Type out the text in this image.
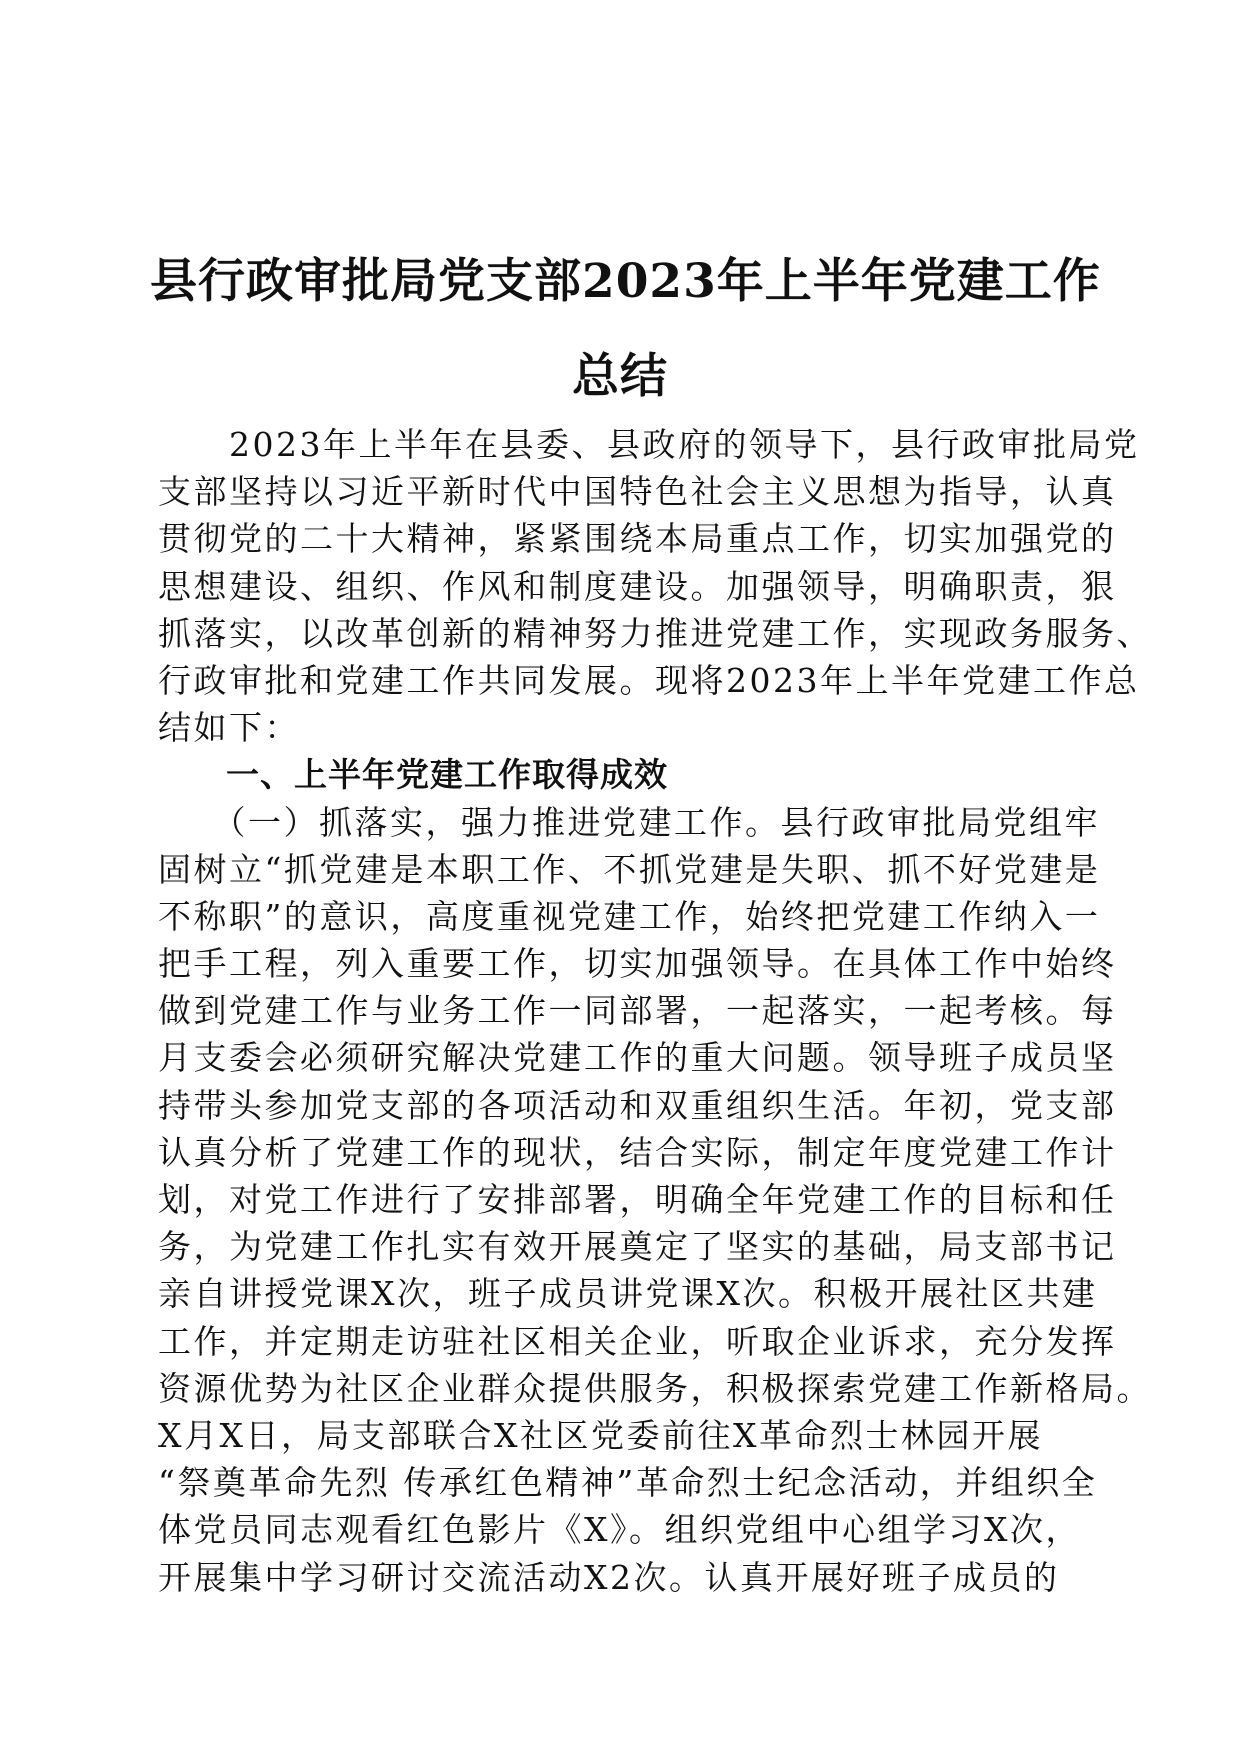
县行政审批局党支部2023年上半年党建工作
总结
　　2023年上半年在县委、县政府的领导下，县行政审批局党
支部坚持以习近平新时代中国特色社会主义思想为指导，认真
贯彻党的二十大精神，紧紧围绕本局重点工作，切实加强党的
思想建设、组织、作风和制度建设。加强领导，明确职责，狠
抓落实，以改革创新的精神努力推进党建工作，实现政务服务、
行政审批和党建工作共同发展。现将2023年上半年党建工作总
结如下：
　　一、上半年党建工作取得成效
　　（一）抓落实，强力推进党建工作。县行政审批局党组牢
固树立“抓党建是本职工作、不抓党建是失职、抓不好党建是
不称职”的意识，高度重视党建工作，始终把党建工作纳入一
把手工程，列入重要工作，切实加强领导。在具体工作中始终
做到党建工作与业务工作一同部署，一起落实，一起考核。每
月支委会必须研究解决党建工作的重大问题。领导班子成员坚
持带头参加党支部的各项活动和双重组织生活。年初，党支部
认真分析了党建工作的现状，结合实际，制定年度党建工作计
划，对党工作进行了安排部署，明确全年党建工作的目标和任
务，为党建工作扎实有效开展奠定了坚实的基础，局支部书记
亲自讲授党课X次，班子成员讲党课X次。积极开展社区共建
工作，并定期走访驻社区相关企业，听取企业诉求，充分发挥
资源优势为社区企业群众提供服务，积极探索党建工作新格局。
X月X日，局支部联合X社区党委前往X革命烈士林园开展
“祭奠革命先烈 传承红色精神”革命烈士纪念活动，并组织全
体党员同志观看红色影片《X》。组织党组中心组学习X次，
开展集中学习研讨交流活动X2次。认真开展好班子成员的
